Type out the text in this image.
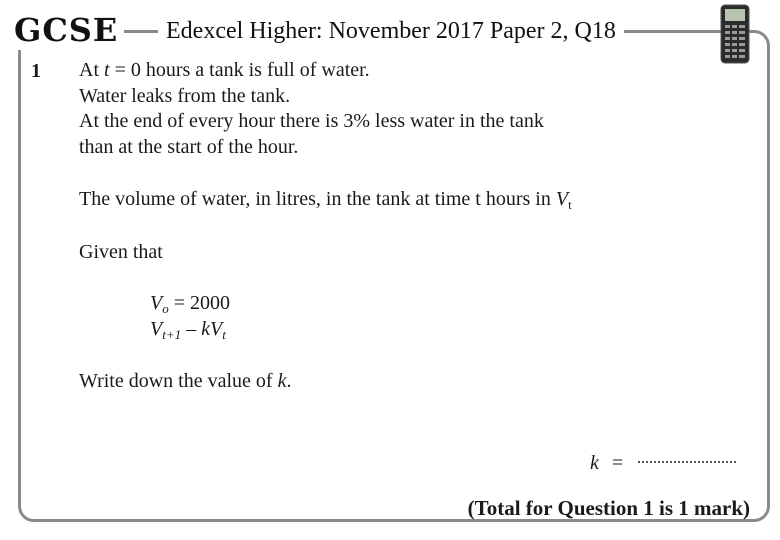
GCSE	Edexcel Higher: November 2017 Paper 2, Q18
1 At t = 0 hours a tank is full of water.
Water leaks from the tank.
At the end of every hour there is 3% less water in the tank
than at the start of the hour.
The volume of water, in litres, in the tank at time t hours in $V_t$
Given that
$V_o = 2000$
$V_{t+1} - kV_t$
Write down the value of k.
k =
(Total for Question 1 is 1 mark)
